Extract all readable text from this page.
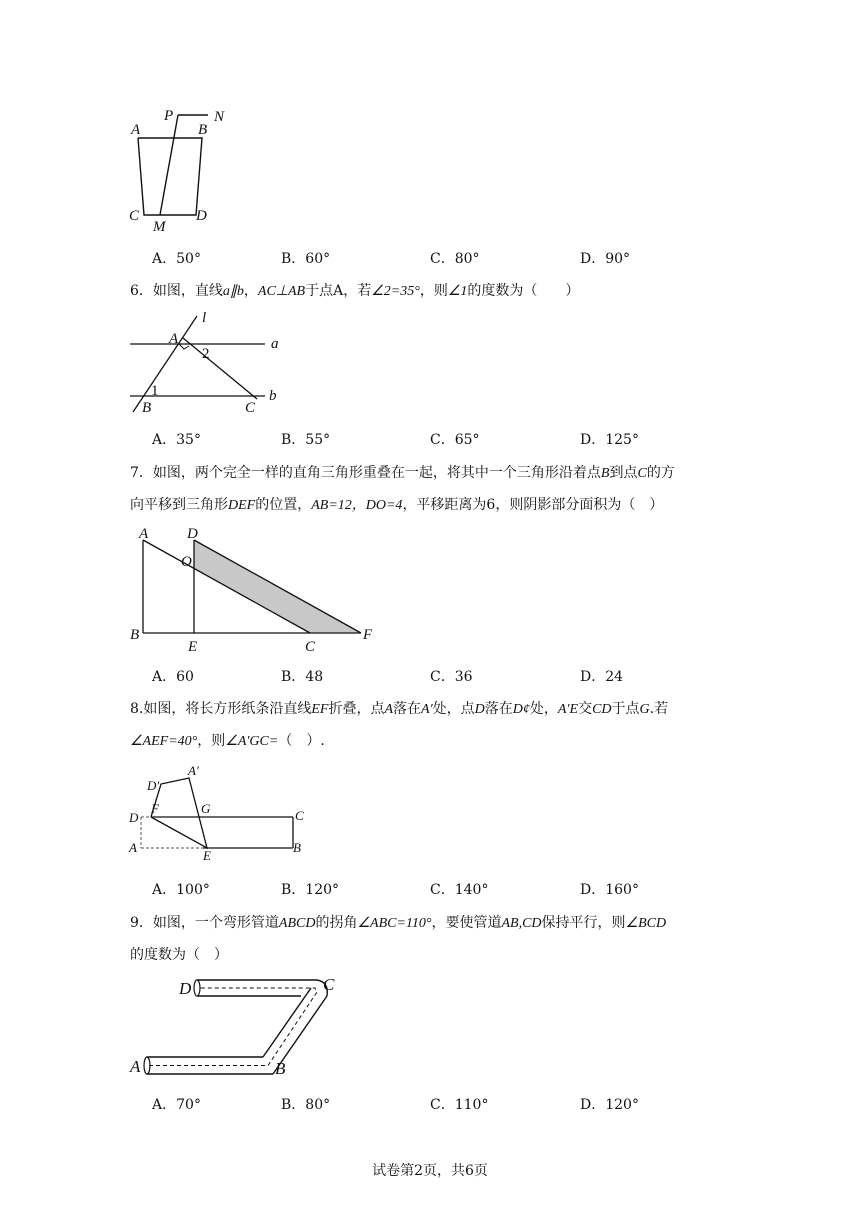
P	N
A	B
C
M
D
A．50°	B．60°	C．80°	D．90°
6．如图，直线a∥b，AC⊥AB于点A，若∠2=35°，则∠1的度数为（　　）
l
A
2
a
1
B	C
b
A．35°	B．55°	C．65°	D．125°
7．如图，两个完全一样的直角三角形重叠在一起，将其中一个三角形沿着点B到点C的方
向平移到三角形DEF的位置，AB=12，DO=4，平移距离为6，则阴影部分面积为（　）
A	D
O
B
E	C
F
A．60	B．48	C．36	D．24
8.如图，将长方形纸条沿直线EF折叠，点A落在A′处，点D落在D¢处，A′E交CD于点G.若
∠AEF=40°，则∠A′GC=（　）.
D′
A′
F	G	C
D
A
E
B
A．100°	B．120°	C．140°	D．160°
9．如图，一个弯形管道ABCD的拐角∠ABC=110°，要使管道AB,CD保持平行，则∠BCD
的度数为（　）
D	C
A	B
A．70°	B．80°	C．110°	D．120°
试卷第2页，共6页
